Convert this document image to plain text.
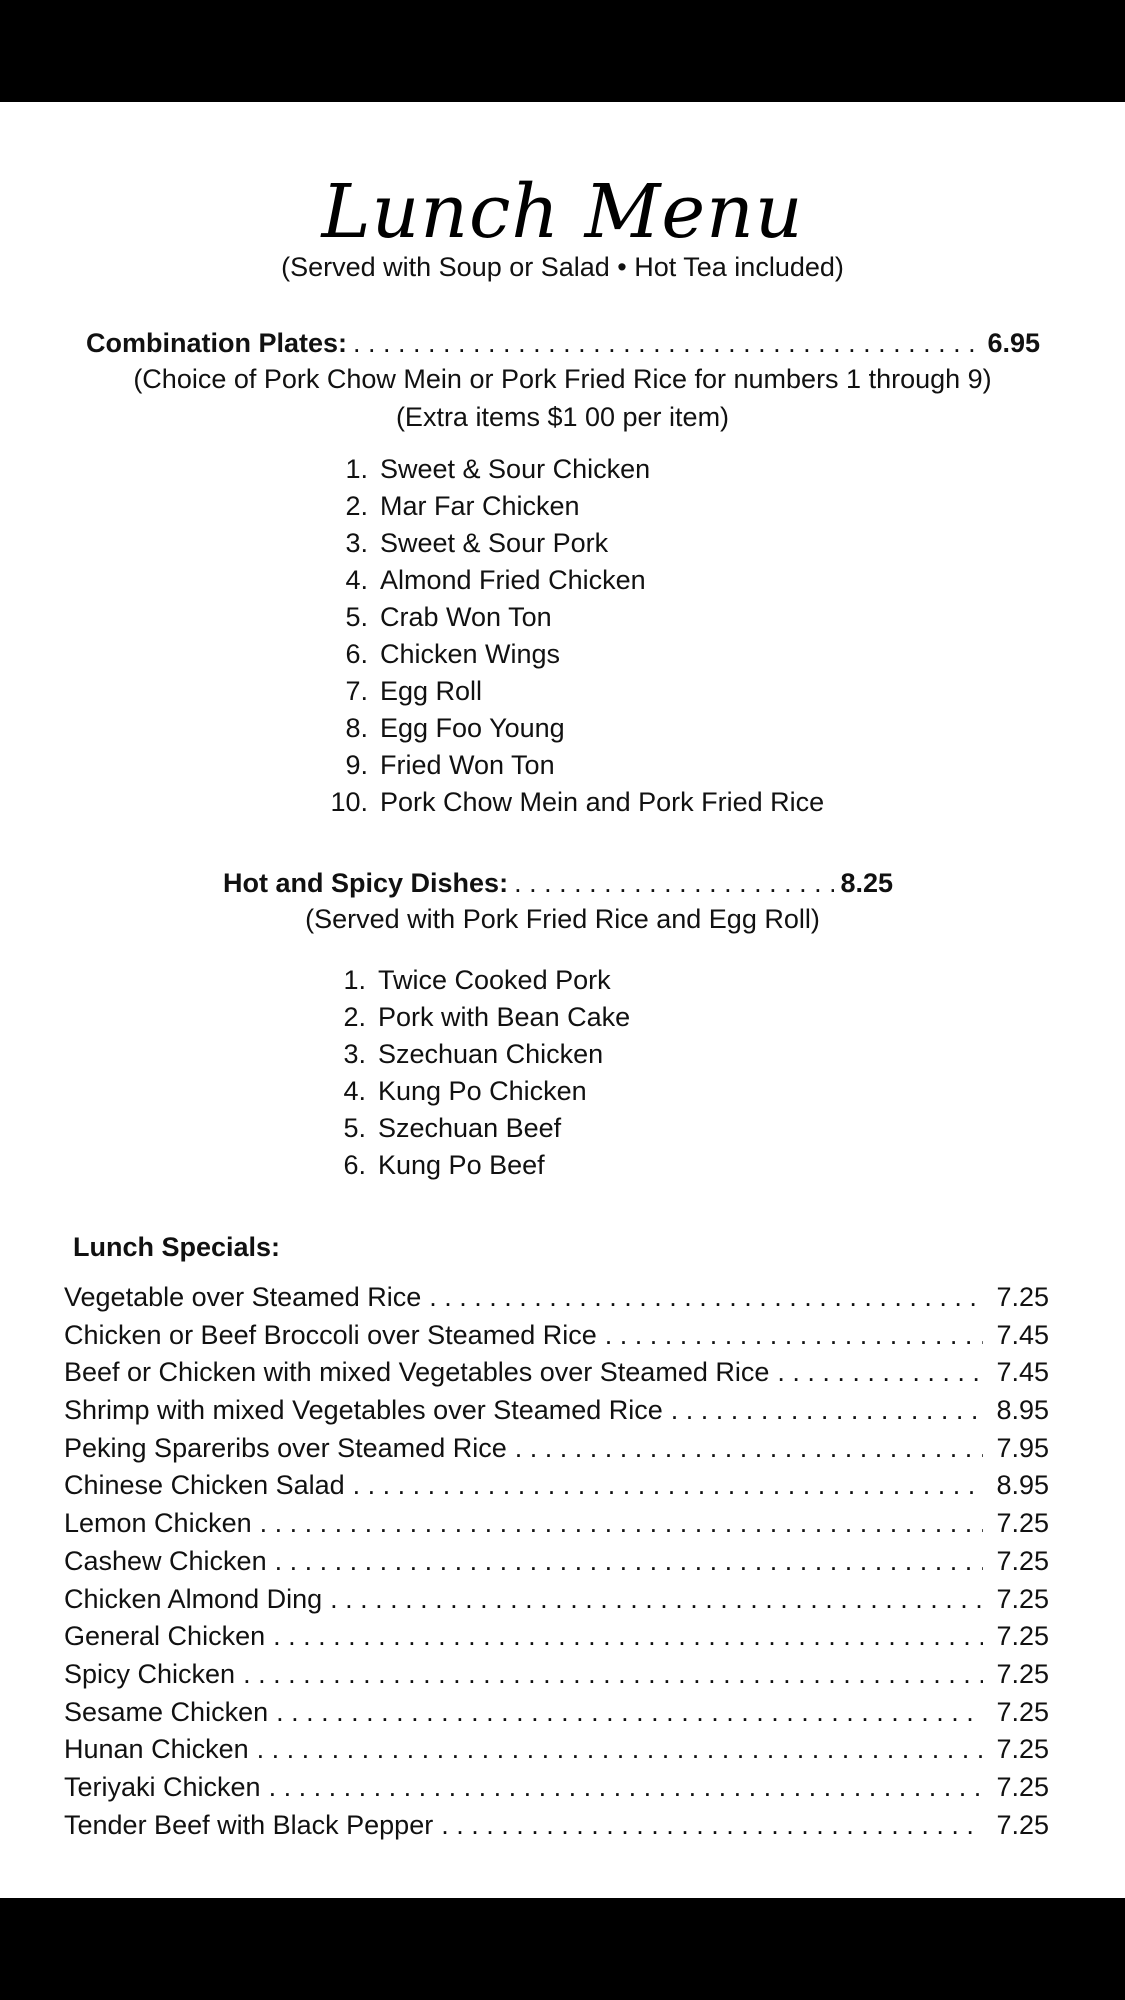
Lunch Menu
(Served with Soup or Salad • Hot Tea included)
Combination Plates: . . .	6.95
(Choice of Pork Chow Mein or Pork Fried Rice for numbers 1 through 9)
(Extra items $1 00 per item)
1. Sweet & Sour Chicken
2. Mar Far Chicken
3. Sweet & Sour Pork
4. Almond Fried Chicken
5. Crab Won Ton
6. Chicken Wings
7. Egg Roll
8. Egg Foo Young
9. Fried Won Ton
10. Pork Chow Mein and Pork Fried Rice
Hot and Spicy Dishes: . . .	8.25
(Served with Pork Fried Rice and Egg Roll)
1. Twice Cooked Pork
2. Pork with Bean Cake
3. Szechuan Chicken
4. Kung Po Chicken
5. Szechuan Beef
6. Kung Po Beef
Lunch Specials:
Vegetable over Steamed Rice . . .	7.25
Chicken or Beef Broccoli over Steamed Rice . . .	7.45
Beef or Chicken with mixed Vegetables over Steamed Rice . . .	7.45
Shrimp with mixed Vegetables over Steamed Rice . . .	8.95
Peking Spareribs over Steamed Rice . . .	7.95
Chinese Chicken Salad . . .	8.95
Lemon Chicken . . .	7.25
Cashew Chicken . . .	7.25
Chicken Almond Ding . . .	7.25
General Chicken . . .	7.25
Spicy Chicken . . .	7.25
Sesame Chicken . . .	7.25
Hunan Chicken . . .	7.25
Teriyaki Chicken . . .	7.25
Tender Beef with Black Pepper . . .	7.25
